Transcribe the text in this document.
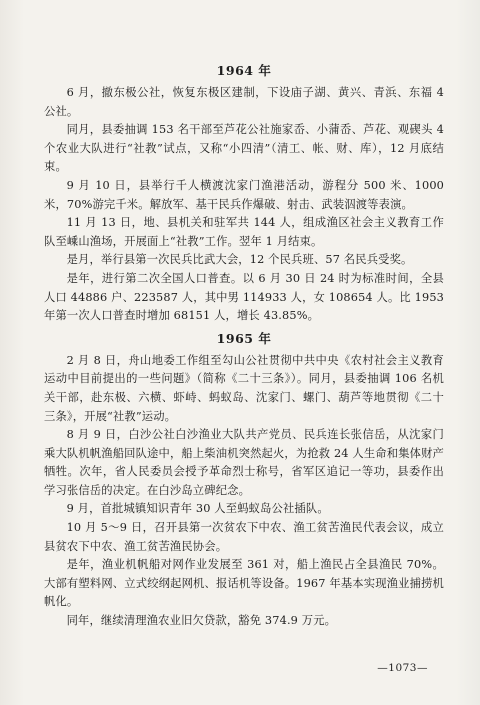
1964 年

6 月，撤东极公社，恢复东极区建制，下设庙子湖、黄兴、青浜、东福 4 公社。

同月，县委抽调 153 名干部至芦花公社施家岙、小蒲岙、芦花、观碶头 4 个农业大队进行“社教”试点，又称“小四清”（清工、帐、财、库），12 月底结束。

9 月 10 日，县举行千人横渡沈家门渔港活动，游程分 500 米、1000 米，70%游完千米。解放军、基干民兵作爆破、射击、武装泅渡等表演。

11 月 13 日，地、县机关和驻军共 144 人，组成渔区社会主义教育工作队至嵊山渔场，开展面上“社教”工作。翌年 1 月结束。

是月，举行县第一次民兵比武大会，12 个民兵班、57 名民兵受奖。

是年，进行第二次全国人口普查。以 6 月 30 日 24 时为标准时间，全县人口 44886 户、223587 人，其中男 114933 人，女 108654 人。比 1953 年第一次人口普查时增加 68151 人，增长 43.85%。

1965 年

2 月 8 日，舟山地委工作组至勾山公社贯彻中共中央《农村社会主义教育运动中目前提出的一些问题》（简称《二十三条》）。同月，县委抽调 106 名机关干部，赴东极、六横、虾峙、蚂蚁岛、沈家门、螺门、葫芦等地贯彻《二十三条》，开展“社教”运动。

8 月 9 日，白沙公社白沙渔业大队共产党员、民兵连长张信岳，从沈家门乘大队机帆渔船回队途中，船上柴油机突然起火，为抢救 24 人生命和集体财产牺牲。次年，省人民委员会授予革命烈士称号，省军区追记一等功，县委作出学习张信岳的决定。在白沙岛立碑纪念。

9 月，首批城镇知识青年 30 人至蚂蚁岛公社插队。

10 月 5～9 日，召开县第一次贫农下中农、渔工贫苦渔民代表会议，成立县贫农下中农、渔工贫苦渔民协会。

是年，渔业机帆船对网作业发展至 361 对，船上渔民占全县渔民 70%。大部有塑料网、立式绞纲起网机、报话机等设备。1967 年基本实现渔业捕捞机帆化。

同年，继续清理渔农业旧欠贷款，豁免 374.9 万元。

—1073—
